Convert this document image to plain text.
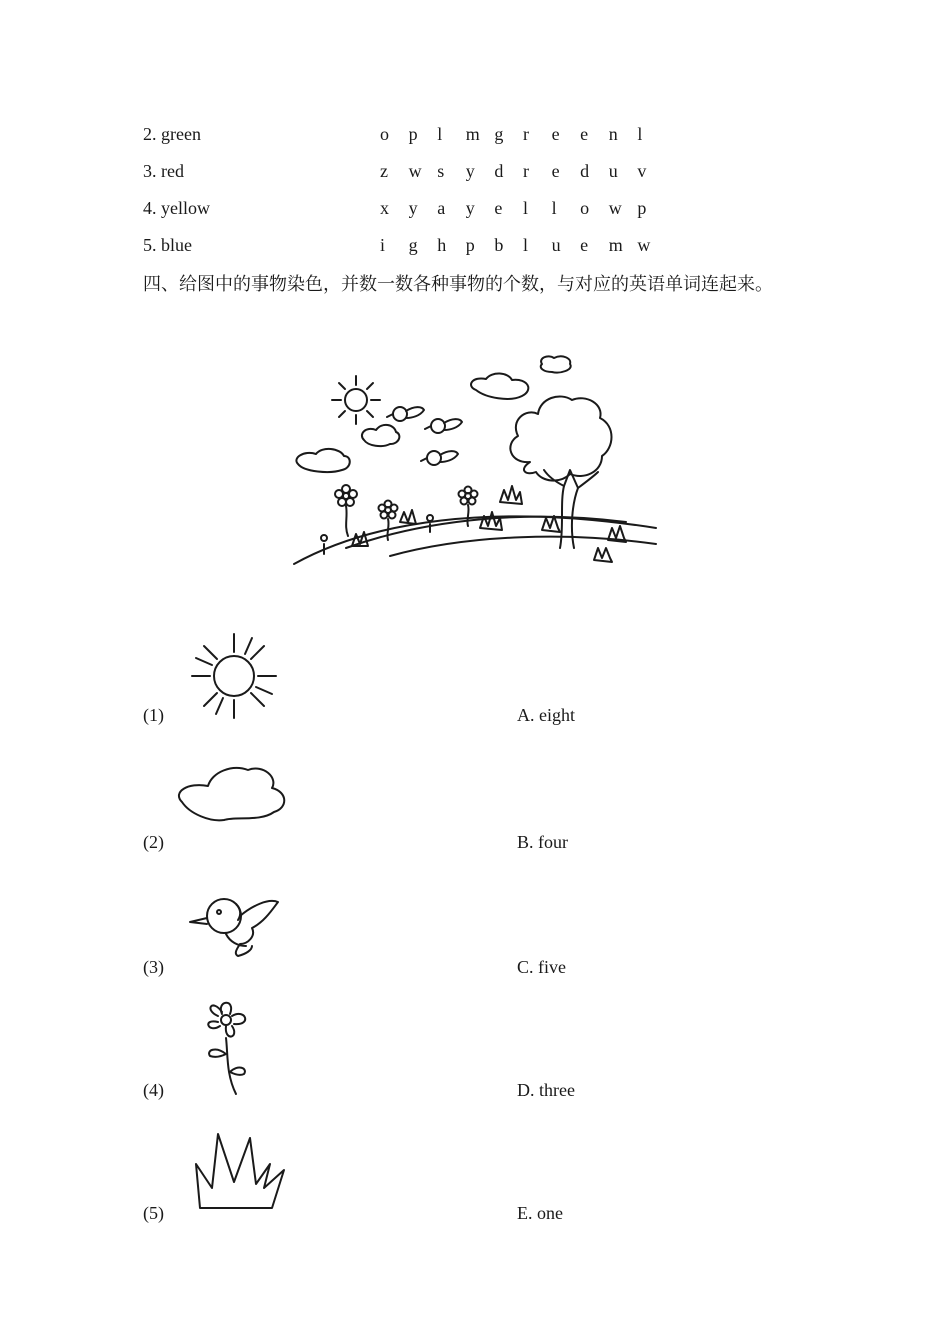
2. green	o p l m g r e e n l
3. red	z w s y d r e d u v
4. yellow	x y a y e l l o w p
5. blue	i g h p b l u e m w
四、给图中的事物染色，并数一数各种事物的个数，与对应的英语单词连起来。
(1)	A. eight
(2)	B. four
(3)	C. five
(4)	D. three
(5)	E. one
